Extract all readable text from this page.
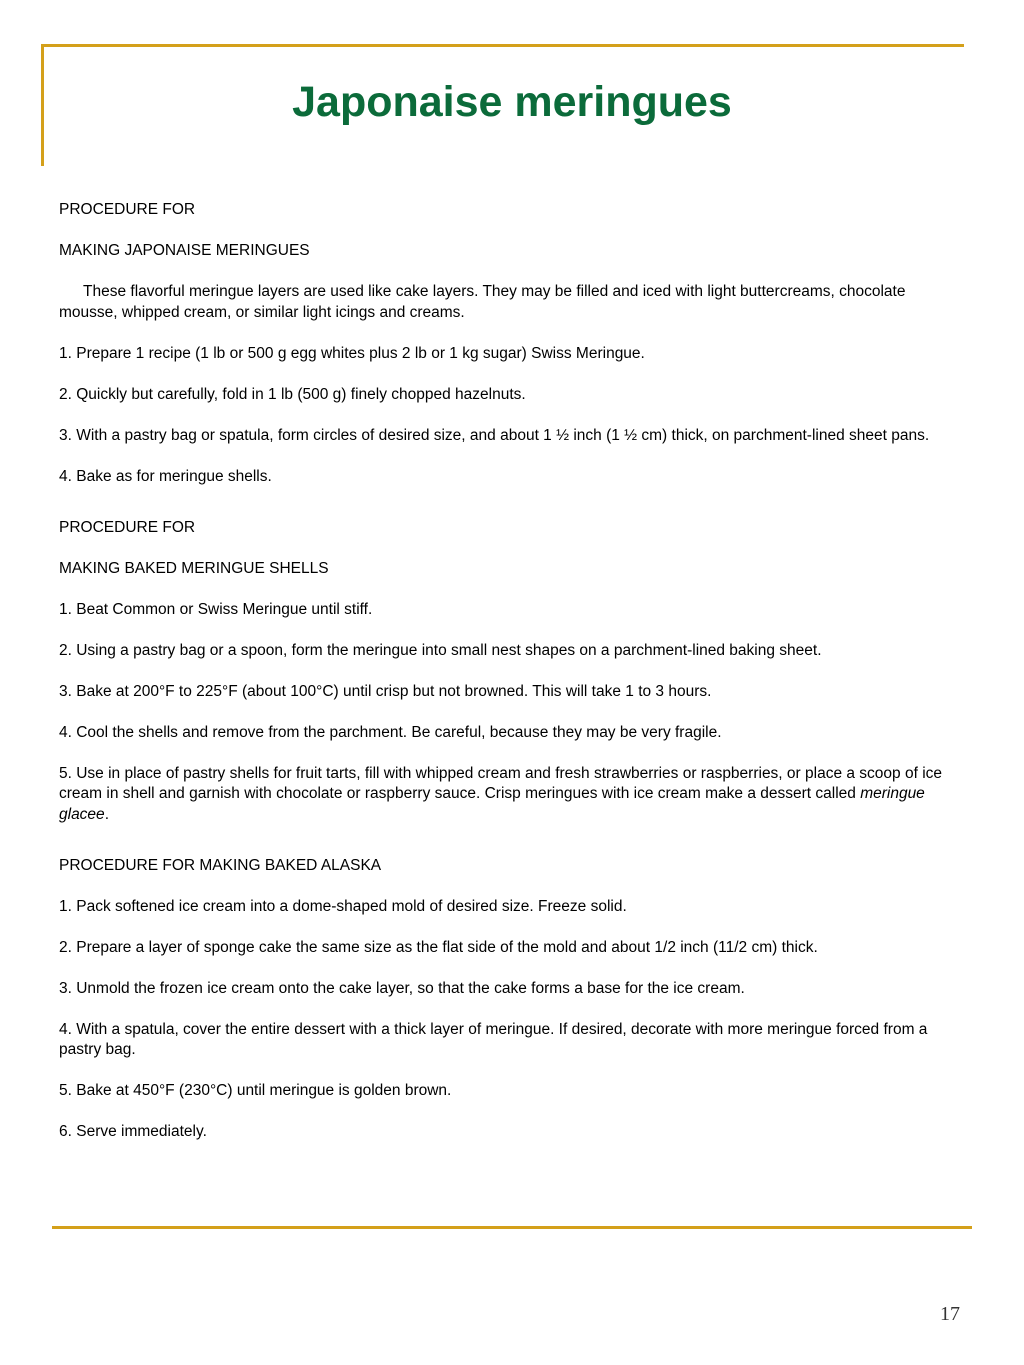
Japonaise meringues

PROCEDURE FOR

MAKING JAPONAISE MERINGUES

These flavorful meringue layers are used like cake layers. They may be filled and iced with light buttercreams, chocolate mousse, whipped cream, or similar light icings and creams.

1. Prepare 1 recipe (1 lb or 500 g egg whites plus 2 lb or 1 kg sugar) Swiss Meringue.

2. Quickly but carefully, fold in 1 lb (500 g) finely chopped hazelnuts.

3. With a pastry bag or spatula, form circles of desired size, and about 1 ½ inch (1 ½ cm) thick, on parchment-lined sheet pans.

4. Bake as for meringue shells.

PROCEDURE FOR

MAKING BAKED MERINGUE SHELLS

1. Beat Common or Swiss Meringue until stiff.

2. Using a pastry bag or a spoon, form the meringue into small nest shapes on a parchment-lined baking sheet.

3. Bake at 200°F to 225°F (about 100°C) until crisp but not browned. This will take 1 to 3 hours.

4. Cool the shells and remove from the parchment. Be careful, because they may be very fragile.

5. Use in place of pastry shells for fruit tarts, fill with whipped cream and fresh strawberries or raspberries, or place a scoop of ice cream in shell and garnish with chocolate or raspberry sauce. Crisp meringues with ice cream make a dessert called meringue glacee.

PROCEDURE FOR MAKING BAKED ALASKA

1. Pack softened ice cream into a dome-shaped mold of desired size. Freeze solid.

2. Prepare a layer of sponge cake the same size as the flat side of the mold and about 1/2 inch (11/2 cm) thick.

3. Unmold the frozen ice cream onto the cake layer, so that the cake forms a base for the ice cream.

4. With a spatula, cover the entire dessert with a thick layer of meringue. If desired, decorate with more meringue forced from a pastry bag.

5. Bake at 450°F (230°C) until meringue is golden brown.

6. Serve immediately.

17
